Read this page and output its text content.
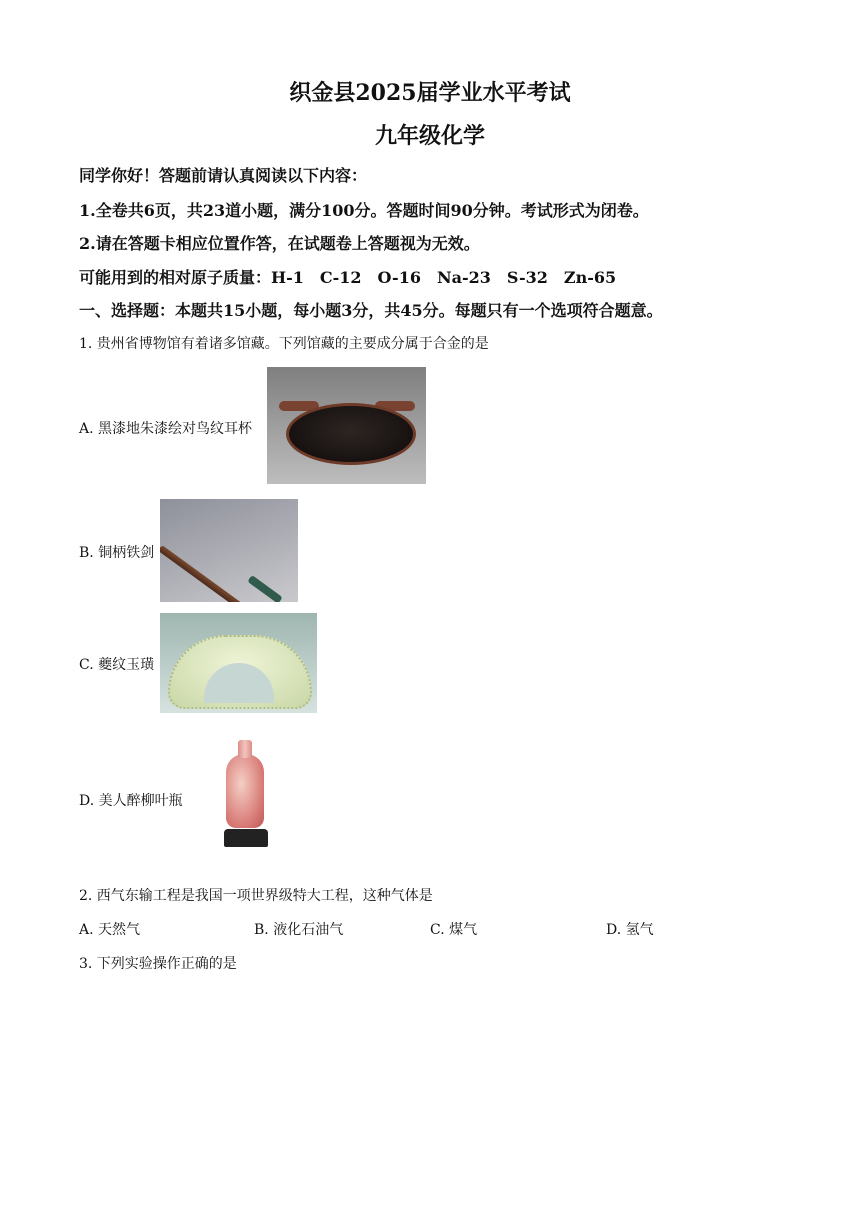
织金县2025届学业水平考试
九年级化学
同学你好！答题前请认真阅读以下内容：
1.全卷共6页，共23道小题，满分100分。答题时间90分钟。考试形式为闭卷。
2.请在答题卡相应位置作答，在试题卷上答题视为无效。
可能用到的相对原子质量：H-1　C-12　O-16　Na-23　S-32　Zn-65
一、选择题：本题共15小题，每小题3分，共45分。每题只有一个选项符合题意。
1. 贵州省博物馆有着诸多馆藏。下列馆藏的主要成分属于合金的是
A. 黑漆地朱漆绘对鸟纹耳杯
B. 铜柄铁剑
C. 夔纹玉璜
D. 美人醉柳叶瓶
2. 西气东输工程是我国一项世界级特大工程，这种气体是
A. 天然气	B. 液化石油气	C. 煤气	D. 氢气
3. 下列实验操作正确的是
